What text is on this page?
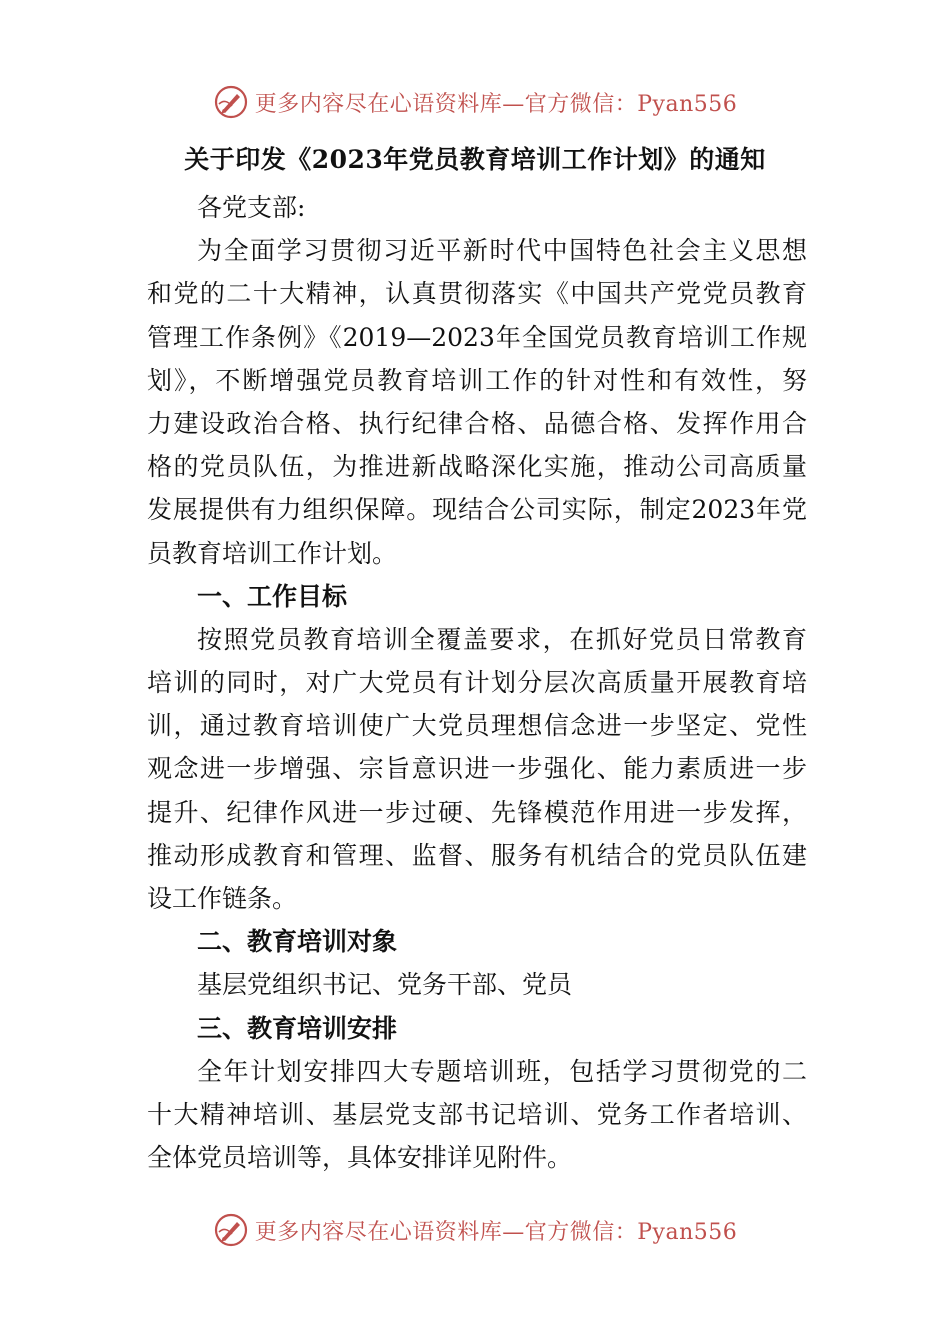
更多内容尽在心语资料库—官方微信：Pyan556
关于印发《2023年党员教育培训工作计划》的通知
各党支部:
为全面学习贯彻习近平新时代中国特色社会主义思想
和党的二十大精神，认真贯彻落实《中国共产党党员教育
管理工作条例》《2019—2023年全国党员教育培训工作规
划》，不断增强党员教育培训工作的针对性和有效性，努
力建设政治合格、执行纪律合格、品德合格、发挥作用合
格的党员队伍，为推进新战略深化实施，推动公司高质量
发展提供有力组织保障。现结合公司实际，制定2023年党
员教育培训工作计划。
一、工作目标
按照党员教育培训全覆盖要求，在抓好党员日常教育
培训的同时，对广大党员有计划分层次高质量开展教育培
训，通过教育培训使广大党员理想信念进一步坚定、党性
观念进一步增强、宗旨意识进一步强化、能力素质进一步
提升、纪律作风进一步过硬、先锋模范作用进一步发挥，
推动形成教育和管理、监督、服务有机结合的党员队伍建
设工作链条。
二、教育培训对象
基层党组织书记、党务干部、党员
三、教育培训安排
全年计划安排四大专题培训班，包括学习贯彻党的二
十大精神培训、基层党支部书记培训、党务工作者培训、
全体党员培训等，具体安排详见附件。
更多内容尽在心语资料库—官方微信：Pyan556
